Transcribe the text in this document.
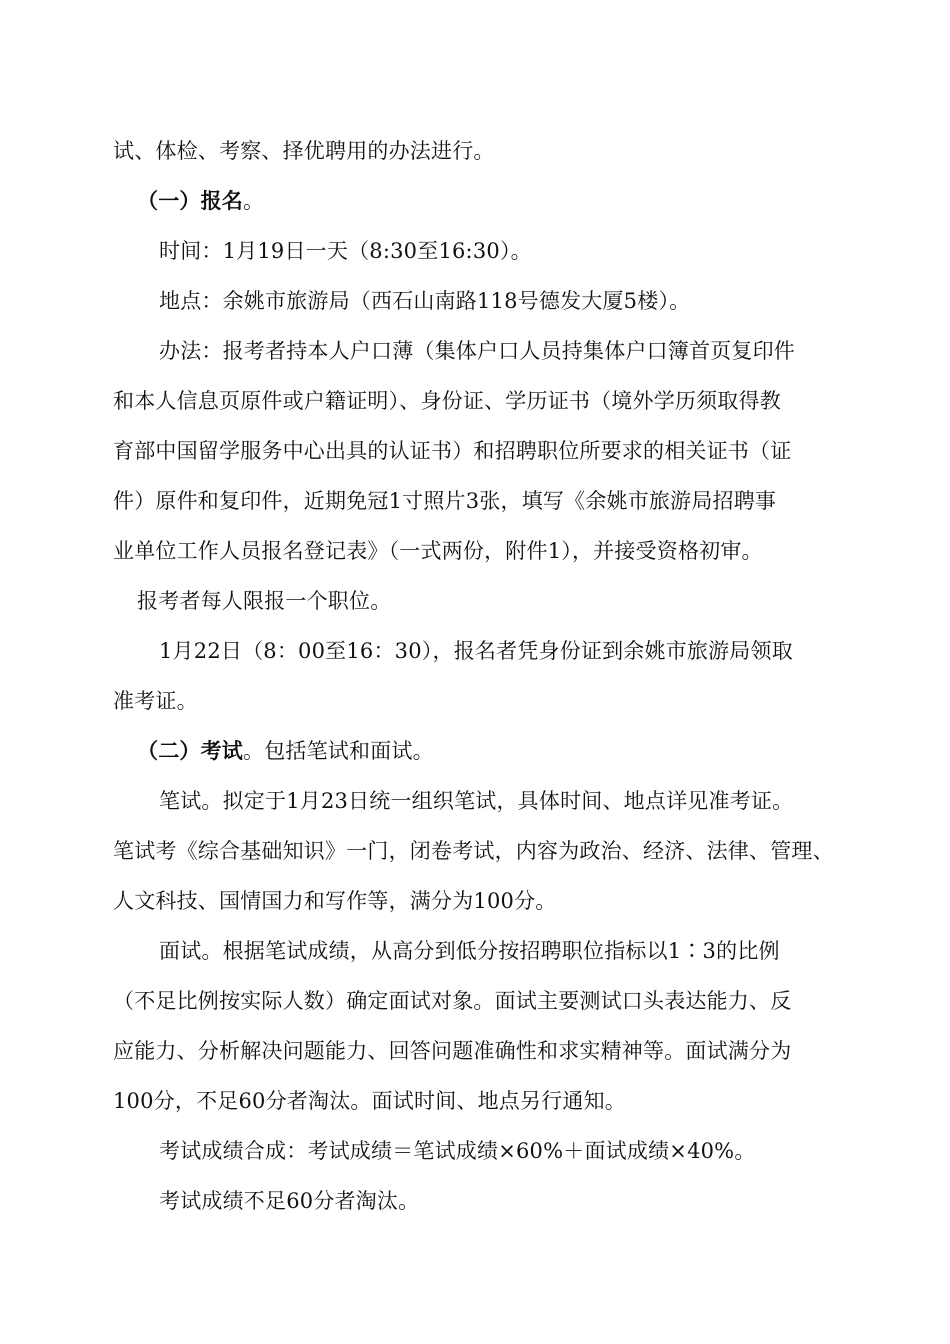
试、体检、考察、择优聘用的办法进行。
（一）报名。
时间：1月19日一天（8:30至16:30）。
地点：余姚市旅游局（西石山南路118号德发大厦5楼）。
办法：报考者持本人户口薄（集体户口人员持集体户口簿首页复印件
和本人信息页原件或户籍证明）、身份证、学历证书（境外学历须取得教
育部中国留学服务中心出具的认证书）和招聘职位所要求的相关证书（证
件）原件和复印件，近期免冠1寸照片3张，填写《余姚市旅游局招聘事
业单位工作人员报名登记表》（一式两份，附件1），并接受资格初审。
报考者每人限报一个职位。
1月22日（8：00至16：30），报名者凭身份证到余姚市旅游局领取
准考证。
（二）考试。包括笔试和面试。
笔试。拟定于1月23日统一组织笔试，具体时间、地点详见准考证。
笔试考《综合基础知识》一门，闭卷考试，内容为政治、经济、法律、管理、
人文科技、国情国力和写作等，满分为100分。
面试。根据笔试成绩，从高分到低分按招聘职位指标以1∶3的比例
（不足比例按实际人数）确定面试对象。面试主要测试口头表达能力、反
应能力、分析解决问题能力、回答问题准确性和求实精神等。面试满分为
100分，不足60分者淘汰。面试时间、地点另行通知。
考试成绩合成：考试成绩＝笔试成绩×60%＋面试成绩×40%。
考试成绩不足60分者淘汰。
